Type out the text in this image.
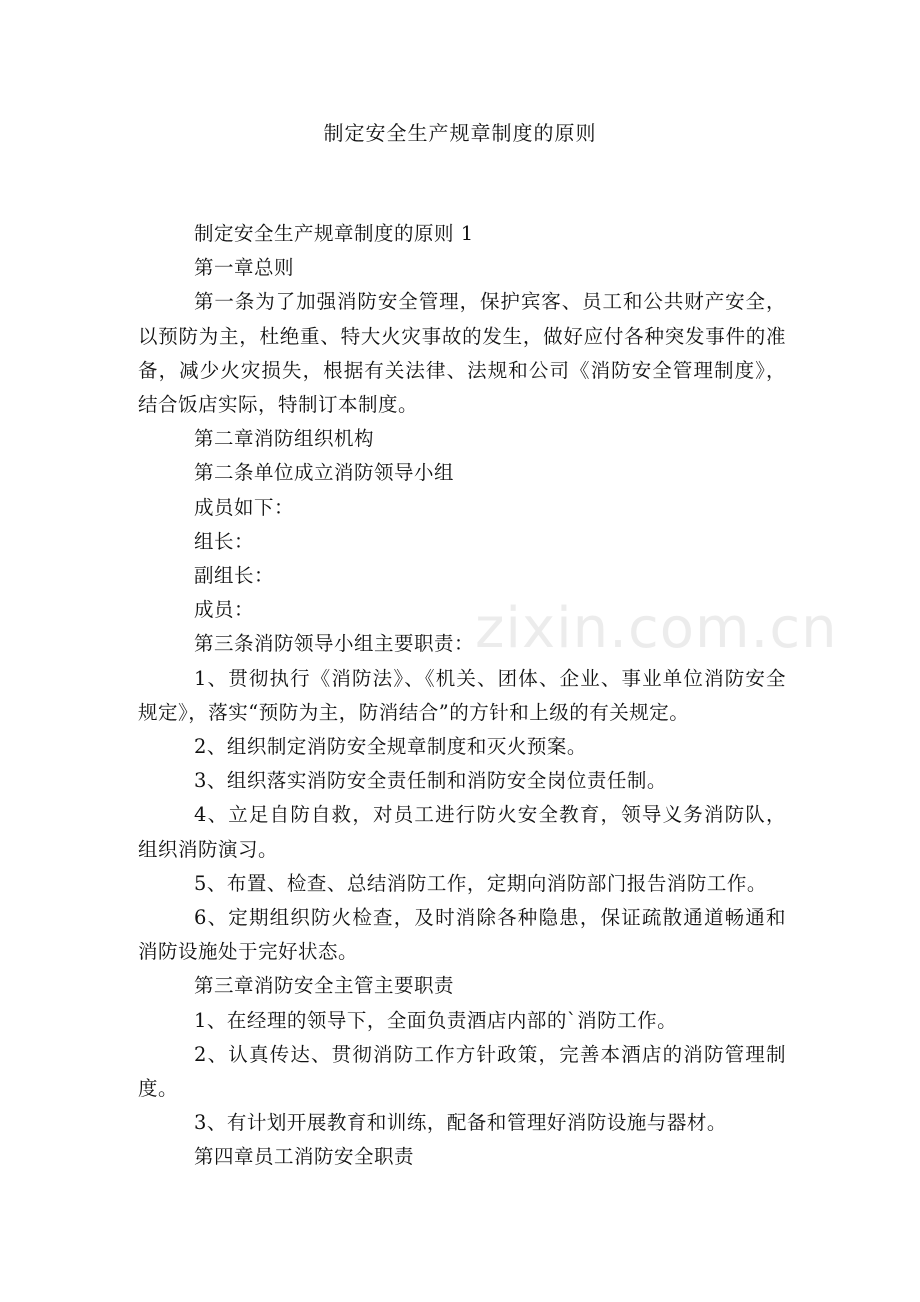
制定安全生产规章制度的原则

制定安全生产规章制度的原则 1

第一章总则

第一条为了加强消防安全管理，保护宾客、员工和公共财产安全，以预防为主，杜绝重、特大火灾事故的发生，做好应付各种突发事件的准备，减少火灾损失，根据有关法律、法规和公司《消防安全管理制度》，结合饭店实际，特制订本制度。

第二章消防组织机构

第二条单位成立消防领导小组

成员如下：

组长：

副组长：

成员：

第三条消防领导小组主要职责：

1、贯彻执行《消防法》、《机关、团体、企业、事业单位消防安全规定》，落实“预防为主，防消结合”的方针和上级的有关规定。

2、组织制定消防安全规章制度和灭火预案。

3、组织落实消防安全责任制和消防安全岗位责任制。

4、立足自防自救，对员工进行防火安全教育，领导义务消防队，组织消防演习。

5、布置、检查、总结消防工作，定期向消防部门报告消防工作。

6、定期组织防火检查，及时消除各种隐患，保证疏散通道畅通和消防设施处于完好状态。

第三章消防安全主管主要职责

1、在经理的领导下，全面负责酒店内部的`消防工作。

2、认真传达、贯彻消防工作方针政策，完善本酒店的消防管理制度。

3、有计划开展教育和训练，配备和管理好消防设施与器材。

第四章员工消防安全职责

zixin.com.cn
